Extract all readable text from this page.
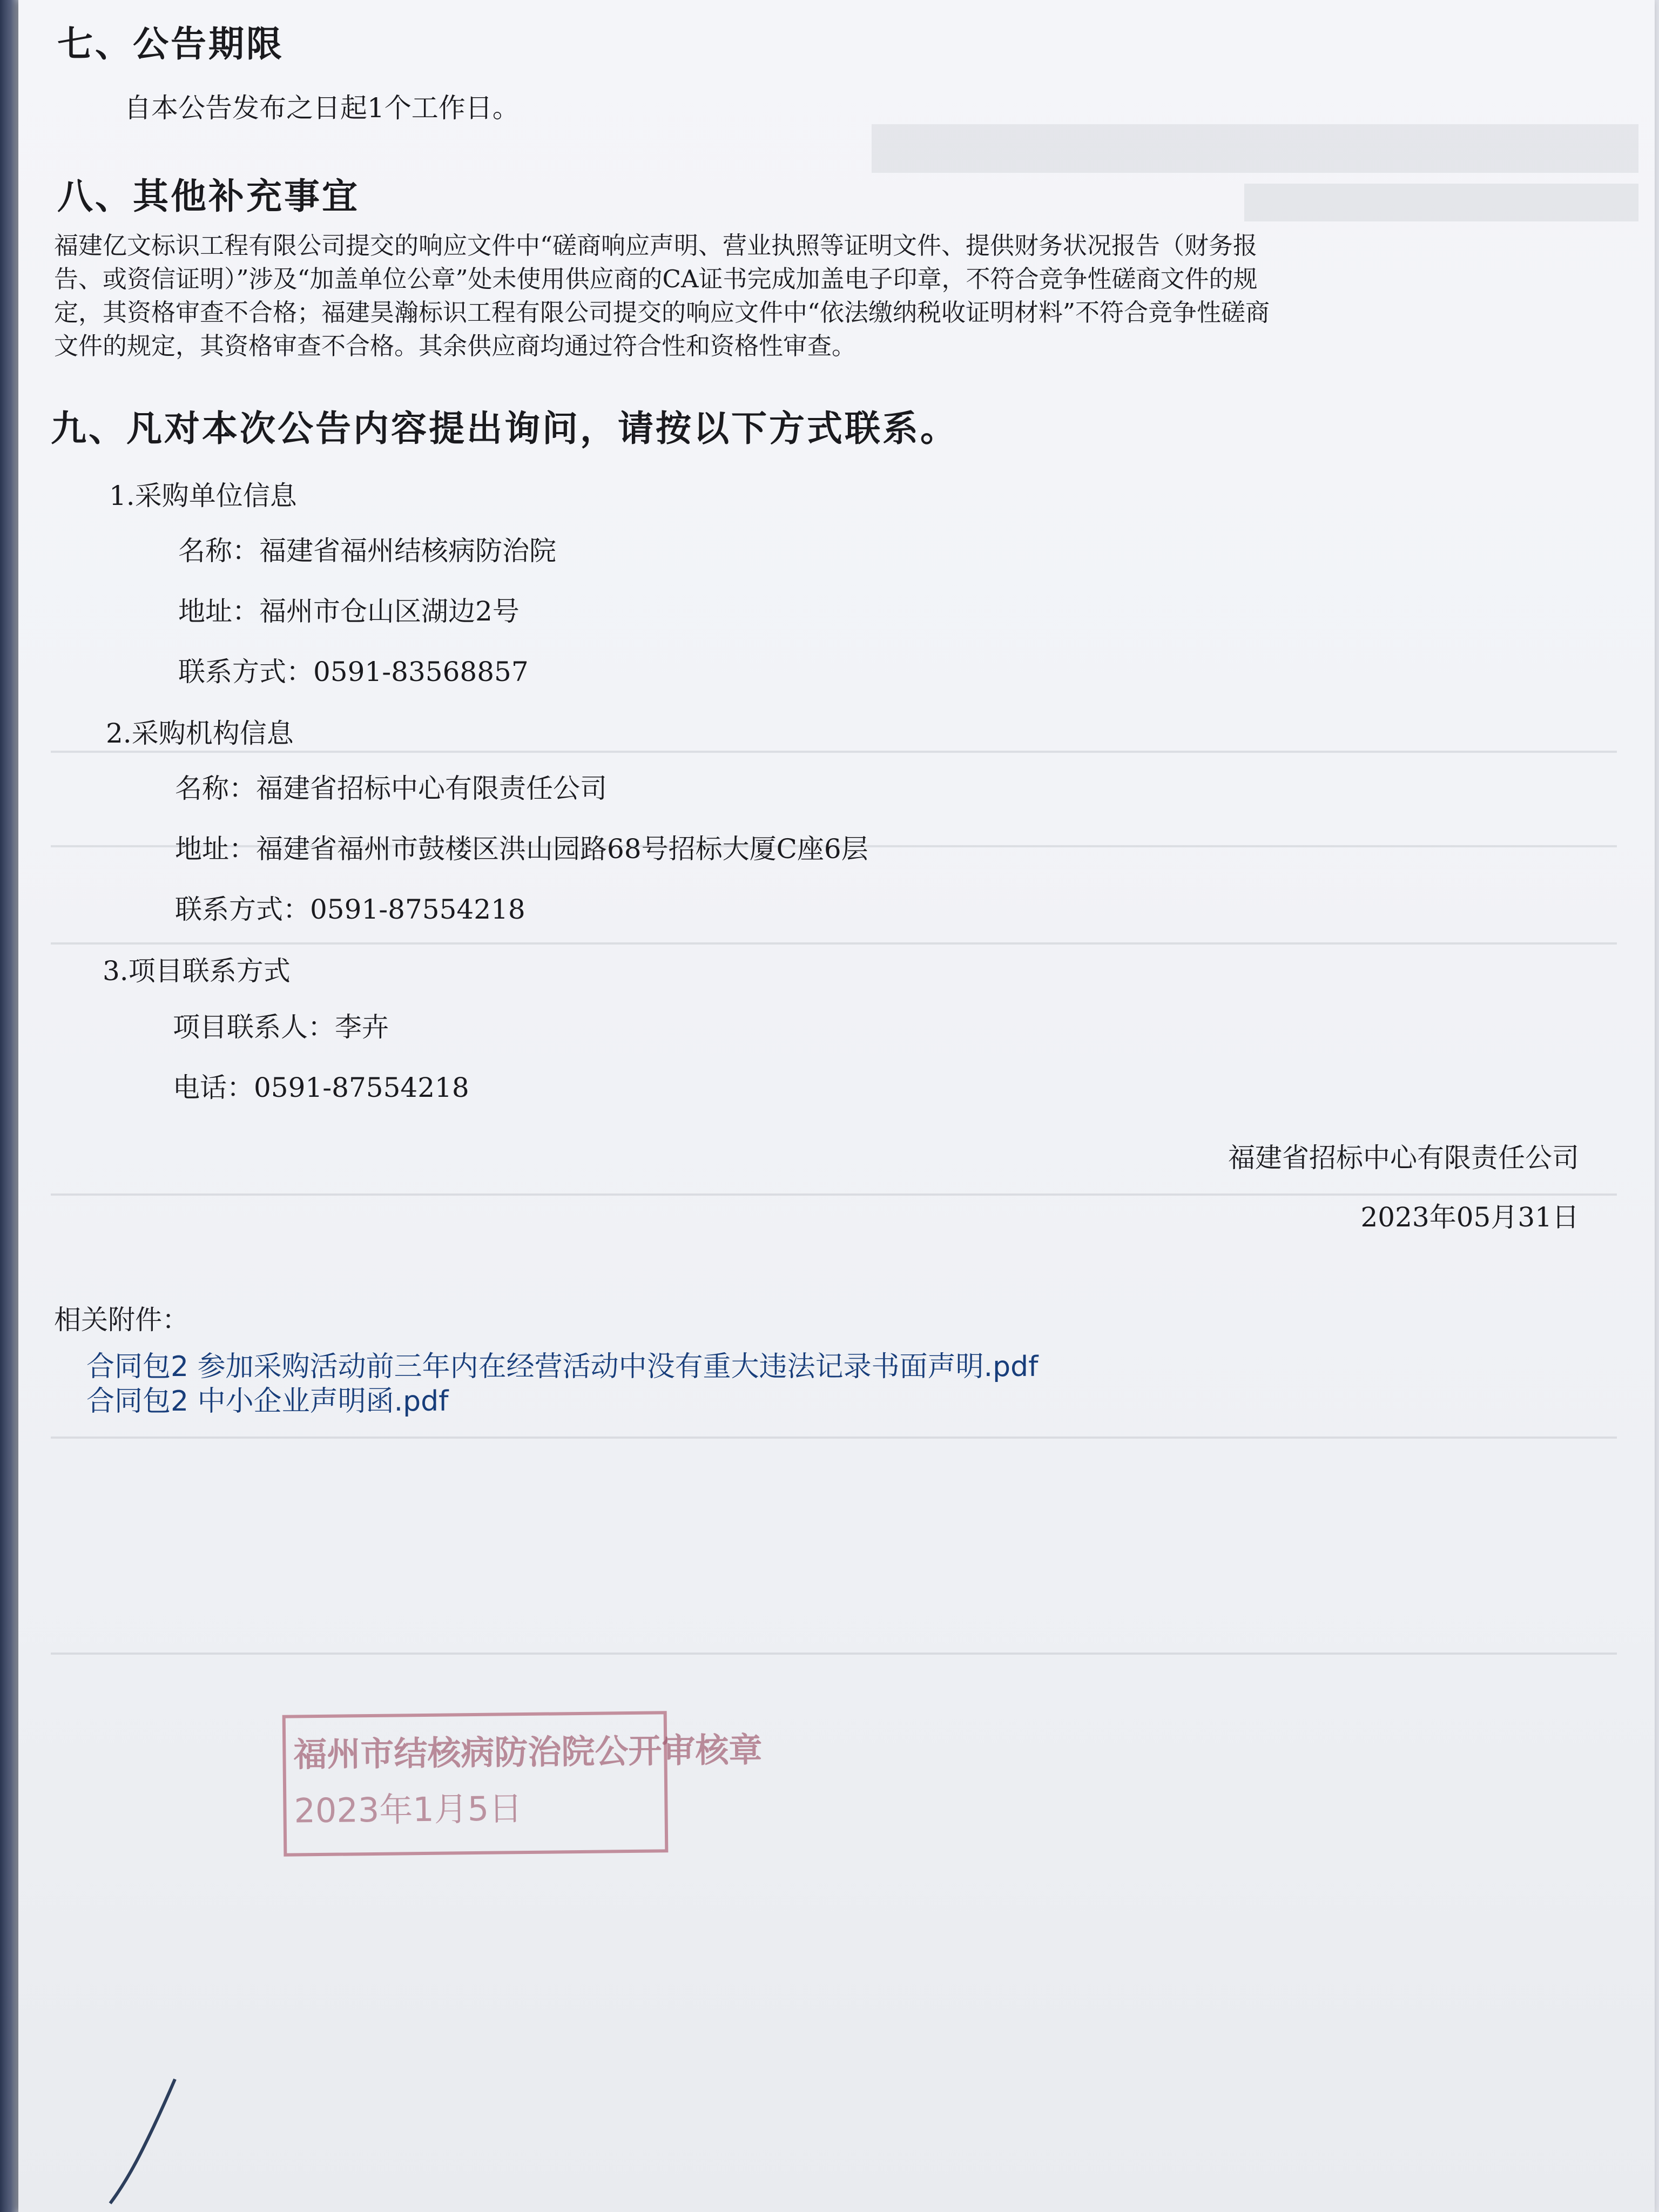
七、公告期限
自本公告发布之日起1个工作日。
八、其他补充事宜
福建亿文标识工程有限公司提交的响应文件中“磋商响应声明、营业执照等证明文件、提供财务状况报告（财务报
告、或资信证明）”涉及“加盖单位公章”处未使用供应商的CA证书完成加盖电子印章，不符合竞争性磋商文件的规
定，其资格审查不合格；福建昊瀚标识工程有限公司提交的响应文件中“依法缴纳税收证明材料”不符合竞争性磋商
文件的规定，其资格审查不合格。其余供应商均通过符合性和资格性审查。
九、凡对本次公告内容提出询问，请按以下方式联系。
1.采购单位信息
名称：福建省福州结核病防治院
地址：福州市仓山区湖边2号
联系方式：0591-83568857
2.采购机构信息
名称：福建省招标中心有限责任公司
地址：福建省福州市鼓楼区洪山园路68号招标大厦C座6层
联系方式：0591-87554218
3.项目联系方式
项目联系人：李卉
电话：0591-87554218
福建省招标中心有限责任公司
2023年05月31日
相关附件：
合同包2 参加采购活动前三年内在经营活动中没有重大违法记录书面声明.pdf
合同包2 中小企业声明函.pdf
福州市结核病防治院公开审核章
2023年1月5日
